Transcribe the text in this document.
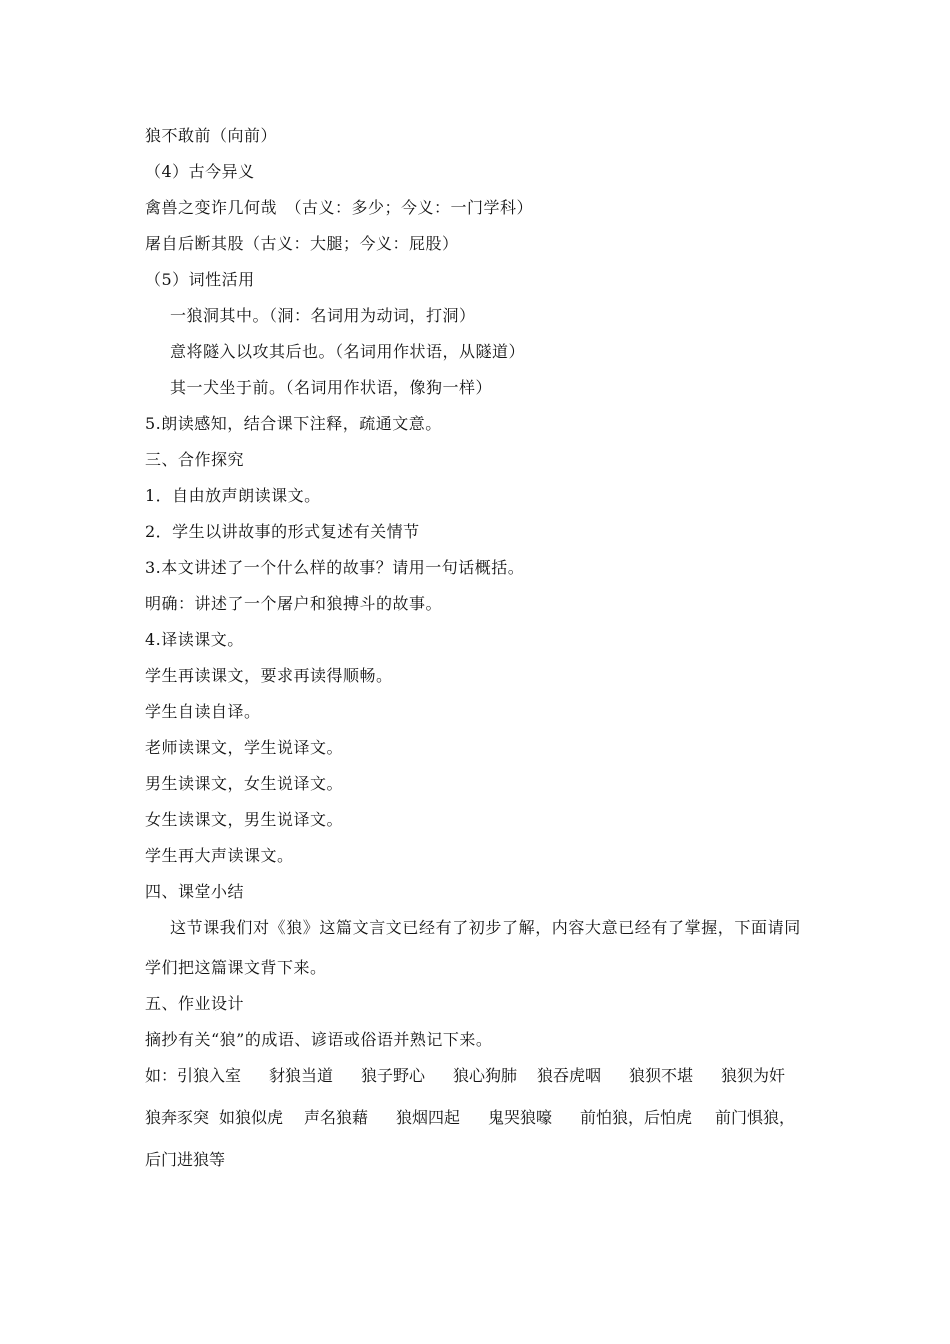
狼不敢前（向前）
（4）古今异义
禽兽之变诈几何哉　（古义：多少；今义：一门学科）
屠自后断其股（古义：大腿；今义：屁股）
（5）词性活用
一狼洞其中。（洞：名词用为动词，打洞）
意将隧入以攻其后也。（名词用作状语，从隧道）
其一犬坐于前。（名词用作状语，像狗一样）
5.朗读感知，结合课下注释，疏通文意。
三、合作探究
1．自由放声朗读课文。
2．学生以讲故事的形式复述有关情节
3.本文讲述了一个什么样的故事？请用一句话概括。
明确：讲述了一个屠户和狼搏斗的故事。
4.译读课文。
学生再读课文，要求再读得顺畅。
学生自读自译。
老师读课文，学生说译文。
男生读课文，女生说译文。
女生读课文，男生说译文。
学生再大声读课文。
四、课堂小结
这节课我们对《狼》这篇文言文已经有了初步了解，内容大意已经有了掌握，下面请同
学们把这篇课文背下来。
五、作业设计
摘抄有关“狼”的成语、谚语或俗语并熟记下来。
如：引狼入室 豺狼当道 狼子野心 狼心狗肺 狼吞虎咽 狼狈不堪 狼狈为奸
狼奔豕突 如狼似虎 声名狼藉 狼烟四起 鬼哭狼嚎 前怕狼，后怕虎 前门惧狼，
后门进狼等
